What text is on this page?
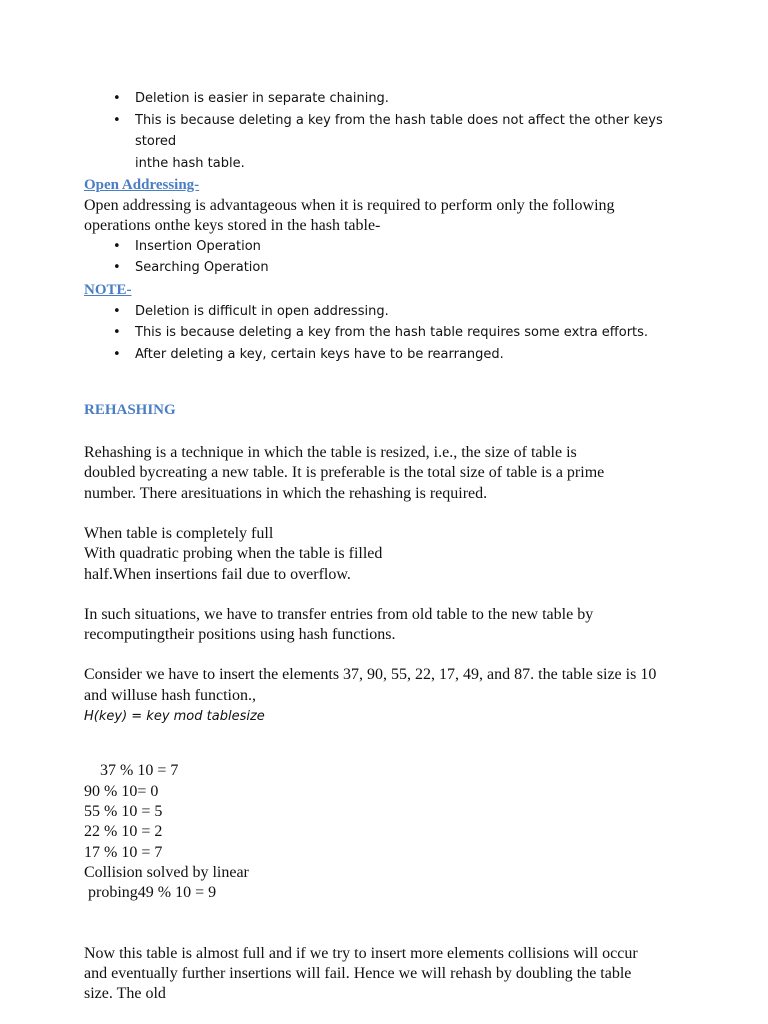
• Deletion is easier in separate chaining.
• This is because deleting a key from the hash table does not affect the other keys stored
inthe hash table.
Open Addressing-

Open addressing is advantageous when it is required to perform only the following
operations onthe keys stored in the hash table-

• Insertion Operation
• Searching Operation
NOTE-
• Deletion is difficult in open addressing.
• This is because deleting a key from the hash table requires some extra efforts.
• After deleting a key, certain keys have to be rearranged.
REHASHING

Rehashing is a technique in which the table is resized, i.e., the size of table is
doubled bycreating a new table. It is preferable is the total size of table is a prime
number. There aresituations in which the rehashing is required.

When table is completely full
With quadratic probing when the table is filled
half.When insertions fail due to overflow.

In such situations, we have to transfer entries from old table to the new table by
recomputingtheir positions using hash functions.

Consider we have to insert the elements 37, 90, 55, 22, 17, 49, and 87. the table size is 10
and willuse hash function.,

H(key) = key mod tablesize

37 % 10 = 7
90 % 10= 0
55 % 10 = 5
22 % 10 = 2
17 % 10 = 7
Collision solved by linear
probing49 % 10 = 9

Now this table is almost full and if we try to insert more elements collisions will occur
and eventually further insertions will fail. Hence we will rehash by doubling the table
size. The old
